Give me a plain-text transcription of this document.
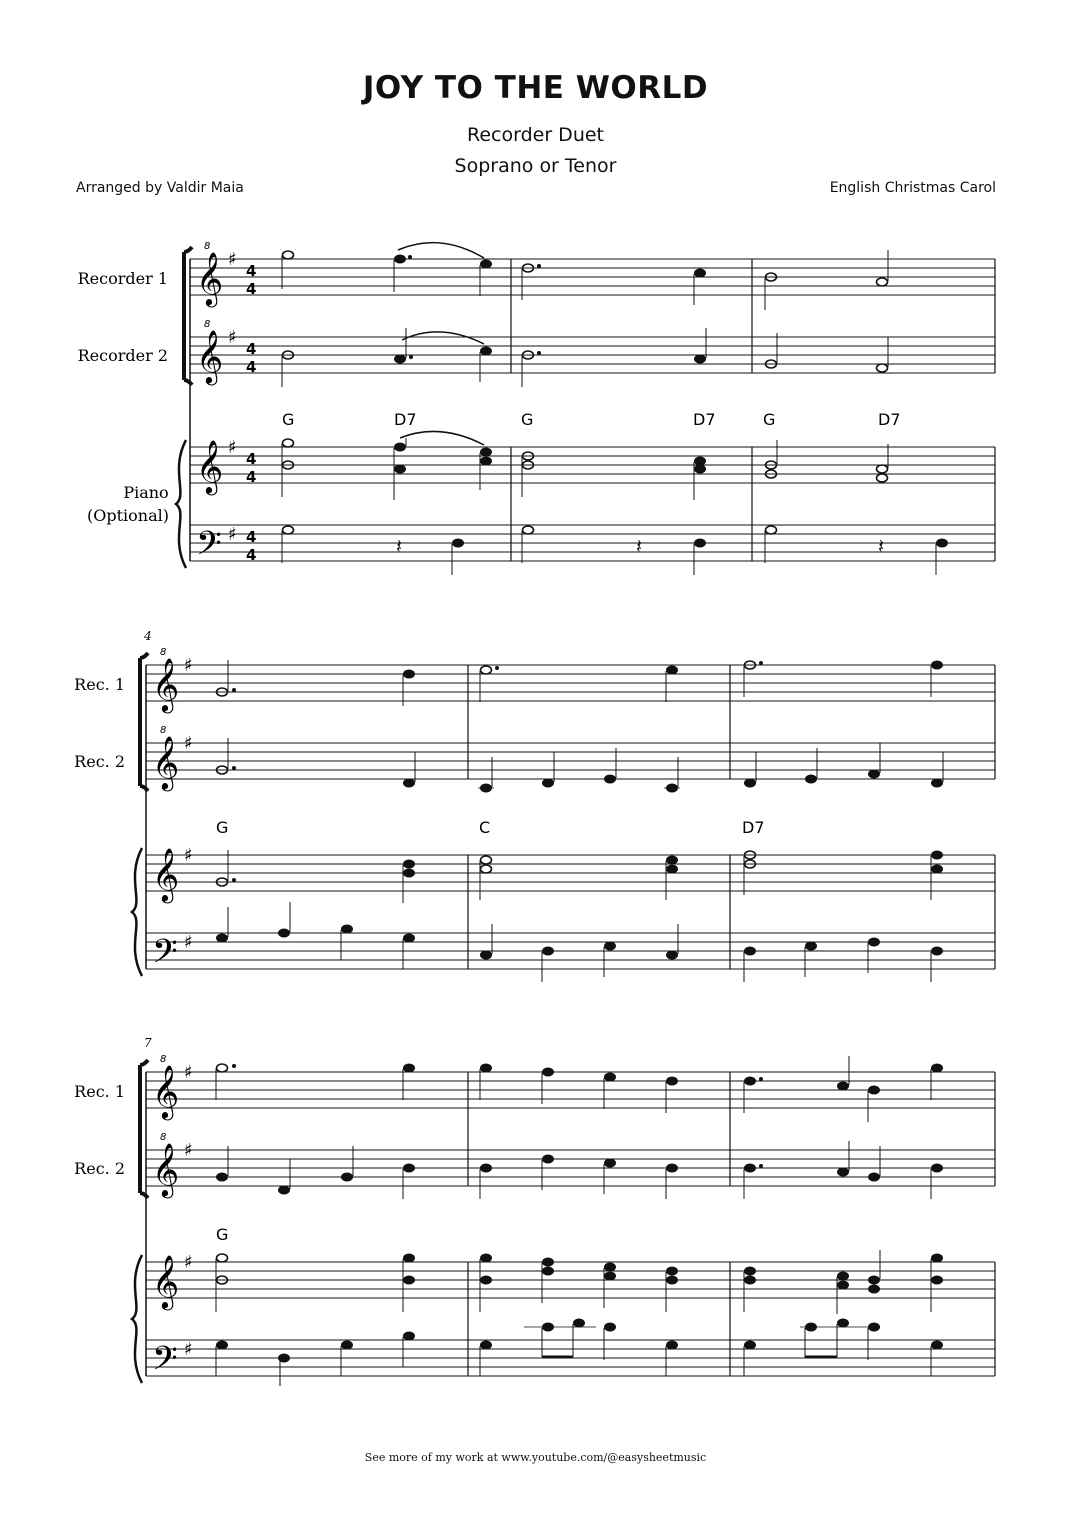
JOY TO THE WORLD
Recorder Duet
Soprano or Tenor
Arranged by Valdir Maia	English Christmas Carol
See more of my work at www.youtube.com/@easysheetmusic
Recorder 1
Recorder 2
Piano
(Optional)
𝄞
8
𝄞
8
𝄞
𝄢
♯
♯
♯
♯
4
4
4
4
4
4
4
4
G	D7	G	D7	G	D7
𝄽	𝄽	𝄽
4
Rec. 1
Rec. 2
𝄞
8
𝄞
8
𝄞
𝄢
♯
♯
♯
♯
G	C	D7
7
Rec. 1
Rec. 2
𝄞
8
𝄞
8
𝄞
𝄢
♯
♯
♯
♯
G
